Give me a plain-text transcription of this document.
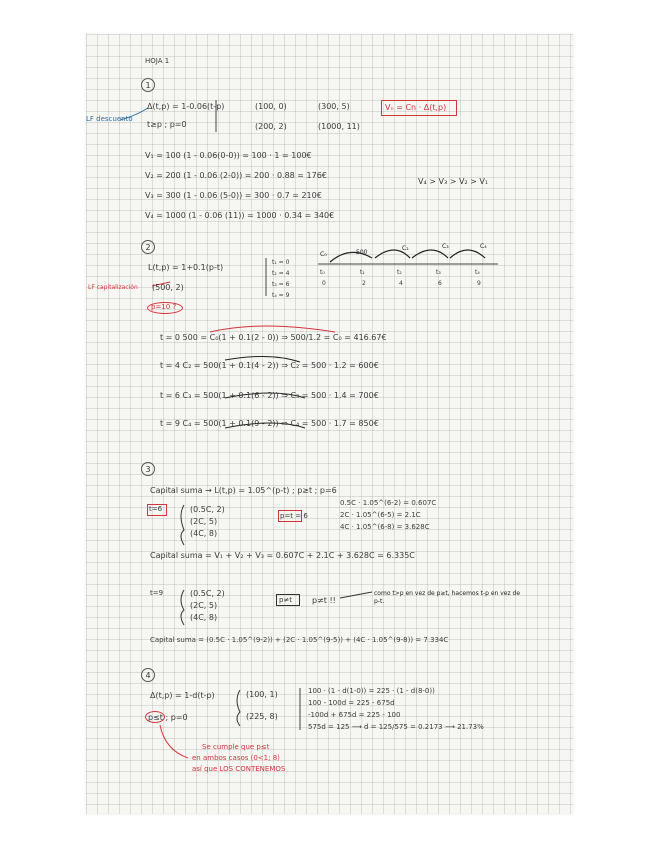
HOJA 1
1
Δ(t,p) = 1-0.06(t-p)
t≥p ; p=0
LF descuento
(100, 0)	(300, 5)
(200, 2)	(1000, 11)
Vₙ = Cn · Δ(t,p)
V₁ = 100 (1 - 0.06(0-0)) = 100 · 1 = 100€
V₂ = 200 (1 - 0.06 (2-0)) = 200 · 0.88 = 176€
V₃ = 300 (1 - 0.06 (5-0)) = 300 · 0.7 = 210€
V₄ = 1000 (1 - 0.06 (11)) = 1000 · 0.34 = 340€
V₄ > V₃ > V₂ > V₁
2
L(t,p) = 1+0.1(p-t)
LF capitalización (500, 2)
p=10 ?
t₁ = 0
t₂ = 4
t₃ = 6
t₄ = 9
C₀	500
C₂	C₃	C₄
t₀	t₁	t₂	t₃	t₄
0	2	4	6	9
t = 0 500 = C₀(1 + 0.1(2 - 0)) ⇒ 500/1.2 = C₀ = 416.67€
t = 4 C₂ = 500(1 + 0.1(4 - 2)) ⇒ C₂ = 500 · 1.2 = 600€
t = 6 C₃ = 500(1 + 0.1(6 - 2)) ⇒ C₃ = 500 · 1.4 = 700€
t = 9 C₄ = 500(1 + 0.1(9 - 2)) ⇒ C₄ = 500 · 1.7 = 850€
3
Capital suma → L(t,p) = 1.05^(p-t) ; p≥t ; p=6
t=6	(0.5C, 2)
(2C, 5)
(4C, 8)
p=t = 6
0.5C · 1.05^(6-2) = 0.607C
2C · 1.05^(6-5) = 2.1C
4C · 1.05^(6-8) = 3.628C
Capital suma = V₁ + V₂ + V₃ = 0.607C + 2.1C + 3.628C = 6.335C
t=9	(0.5C, 2)
(2C, 5)
(4C, 8)
p≠t p≠t !!
como t>p en vez de p≥t, hacemos t-p en vez de p-t.
Capital suma = (0.5C · 1.05^(9-2)) + (2C · 1.05^(9-5)) + (4C · 1.05^(9-8)) = 7.334C
4
Δ(t,p) = 1-d(t-p)
p≤t ; p=0
(100, 1)
(225, 8)
100 · (1 - d(1-0)) = 225 · (1 - d(8-0))
100 - 100d = 225 - 675d
-100d + 675d = 225 - 100
575d = 125 ⟶ d = 125/575 = 0.2173 ⟶ 21.73%
Se cumple que p≤t
en ambos casos (0<1; 8)
así que LOS CONTENEMOS
